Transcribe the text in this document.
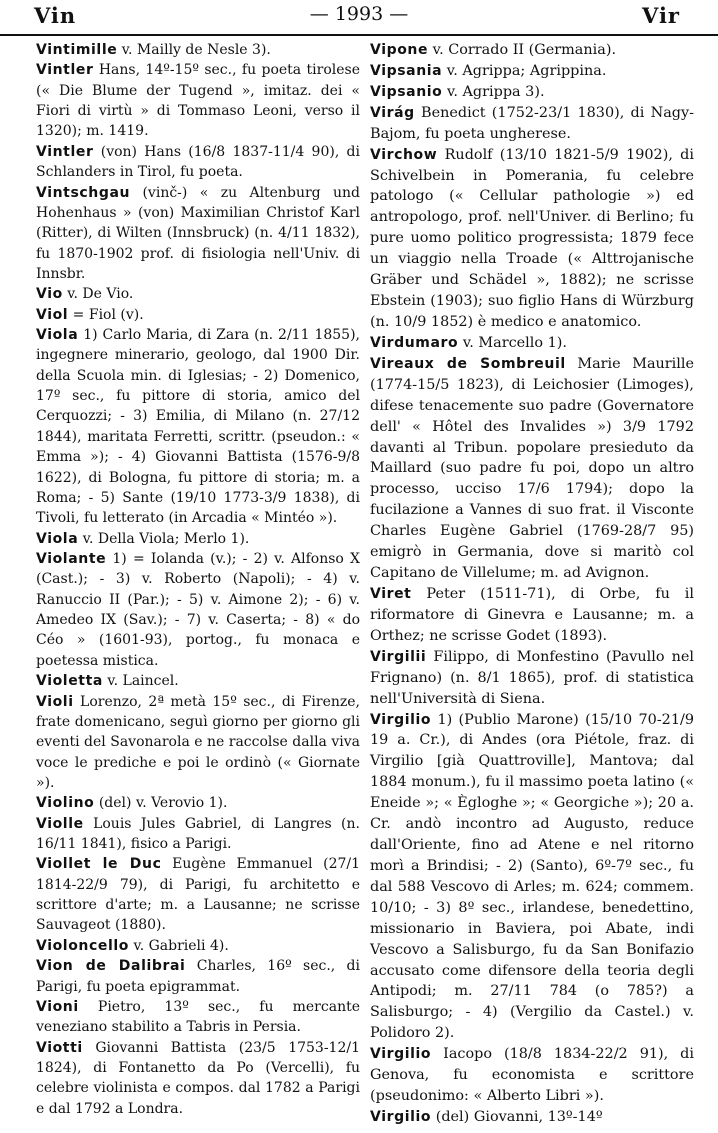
Vin	— 1993 —	Vir

Vintimille v. Mailly de Nesle 3).

Vintler Hans, 14º-15º sec., fu poeta tirolese (« Die Blume der Tugend », imitaz. dei « Fiori di virtù » di Tommaso Leoni, verso il 1320); m. 1419.

Vintler (von) Hans (16/8 1837-11/4 90), di Schlanders in Tirol, fu poeta.

Vintschgau (vinč-) « zu Altenburg und Hohenhaus » (von) Maximilian Christof Karl (Ritter), di Wilten (Innsbruck) (n. 4/11 1832), fu 1870-1902 prof. di fisiologia nell'Univ. di Innsbr.

Vio v. De Vio.

Viol = Fiol (v).

Viola 1) Carlo Maria, di Zara (n. 2/11 1855), ingegnere minerario, geologo, dal 1900 Dir. della Scuola min. di Iglesias; - 2) Domenico, 17º sec., fu pittore di storia, amico del Cerquozzi; - 3) Emilia, di Milano (n. 27/12 1844), maritata Ferretti, scrittr. (pseudon.: « Emma »); - 4) Giovanni Battista (1576-9/8 1622), di Bologna, fu pittore di storia; m. a Roma; - 5) Sante (19/10 1773-3/9 1838), di Tivoli, fu letterato (in Arcadia « Mintéo »).

Viola v. Della Viola; Merlo 1).

Violante 1) = Iolanda (v.); - 2) v. Alfonso X (Cast.); - 3) v. Roberto (Napoli); - 4) v. Ranuccio II (Par.); - 5) v. Aimone 2); - 6) v. Amedeo IX (Sav.); - 7) v. Caserta; - 8) « do Céo » (1601-93), portog., fu monaca e poetessa mistica.

Violetta v. Laincel.

Violi Lorenzo, 2ª metà 15º sec., di Firenze, frate domenicano, seguì giorno per giorno gli eventi del Savonarola e ne raccolse dalla viva voce le prediche e poi le ordinò (« Giornate »).

Violino (del) v. Verovio 1).

Violle Louis Jules Gabriel, di Langres (n. 16/11 1841), fisico a Parigi.

Viollet le Duc Eugène Emmanuel (27/1 1814-22/9 79), di Parigi, fu architetto e scrittore d'arte; m. a Lausanne; ne scrisse Sauvageot (1880).

Violoncello v. Gabrieli 4).

Vion de Dalibrai Charles, 16º sec., di Parigi, fu poeta epigrammat.

Vioni Pietro, 13º sec., fu mercante veneziano stabilito a Tabris in Persia.

Viotti Giovanni Battista (23/5 1753-12/1 1824), di Fontanetto da Po (Vercelli), fu celebre violinista e compos. dal 1782 a Parigi e dal 1792 a Londra.

Vipone v. Corrado II (Germania).

Vipsania v. Agrippa; Agrippina.

Vipsanio v. Agrippa 3).

Virág Benedict (1752-23/1 1830), di Nagy-Bajom, fu poeta ungherese.

Virchow Rudolf (13/10 1821-5/9 1902), di Schivelbein in Pomerania, fu celebre patologo (« Cellular pathologie ») ed antropologo, prof. nell'Univer. di Berlino; fu pure uomo politico progressista; 1879 fece un viaggio nella Troade (« Alttrojanische Gräber und Schädel », 1882); ne scrisse Ebstein (1903); suo figlio Hans di Würzburg (n. 10/9 1852) è medico e anatomico.

Virdumaro v. Marcello 1).

Vireaux de Sombreuil Marie Maurille (1774-15/5 1823), di Leichosier (Limoges), difese tenacemente suo padre (Governatore dell' « Hôtel des Invalides ») 3/9 1792 davanti al Tribun. popolare presieduto da Maillard (suo padre fu poi, dopo un altro processo, ucciso 17/6 1794); dopo la fucilazione a Vannes di suo frat. il Visconte Charles Eugène Gabriel (1769-28/7 95) emigrò in Germania, dove si maritò col Capitano de Villelume; m. ad Avignon.

Viret Peter (1511-71), di Orbe, fu il riformatore di Ginevra e Lausanne; m. a Orthez; ne scrisse Godet (1893).

Virgilii Filippo, di Monfestino (Pavullo nel Frignano) (n. 8/1 1865), prof. di statistica nell'Università di Siena.

Virgilio 1) (Publio Marone) (15/10 70-21/9 19 a. Cr.), di Andes (ora Piétole, fraz. di Virgilio [già Quattroville], Mantova; dal 1884 monum.), fu il massimo poeta latino (« Eneide »; « Ègloghe »; « Georgiche »); 20 a. Cr. andò incontro ad Augusto, reduce dall'Oriente, fino ad Atene e nel ritorno morì a Brindisi; - 2) (Santo), 6º-7º sec., fu dal 588 Vescovo di Arles; m. 624; commem. 10/10; - 3) 8º sec., irlandese, benedettino, missionario in Baviera, poi Abate, indi Vescovo a Salisburgo, fu da San Bonifazio accusato come difensore della teoria degli Antipodi; m. 27/11 784 (o 785?) a Salisburgo; - 4) (Vergilio da Castel.) v. Polidoro 2).

Virgilio Iacopo (18/8 1834-22/2 91), di Genova, fu economista e scrittore (pseudonimo: « Alberto Libri »).

Virgilio (del) Giovanni, 13º-14º
